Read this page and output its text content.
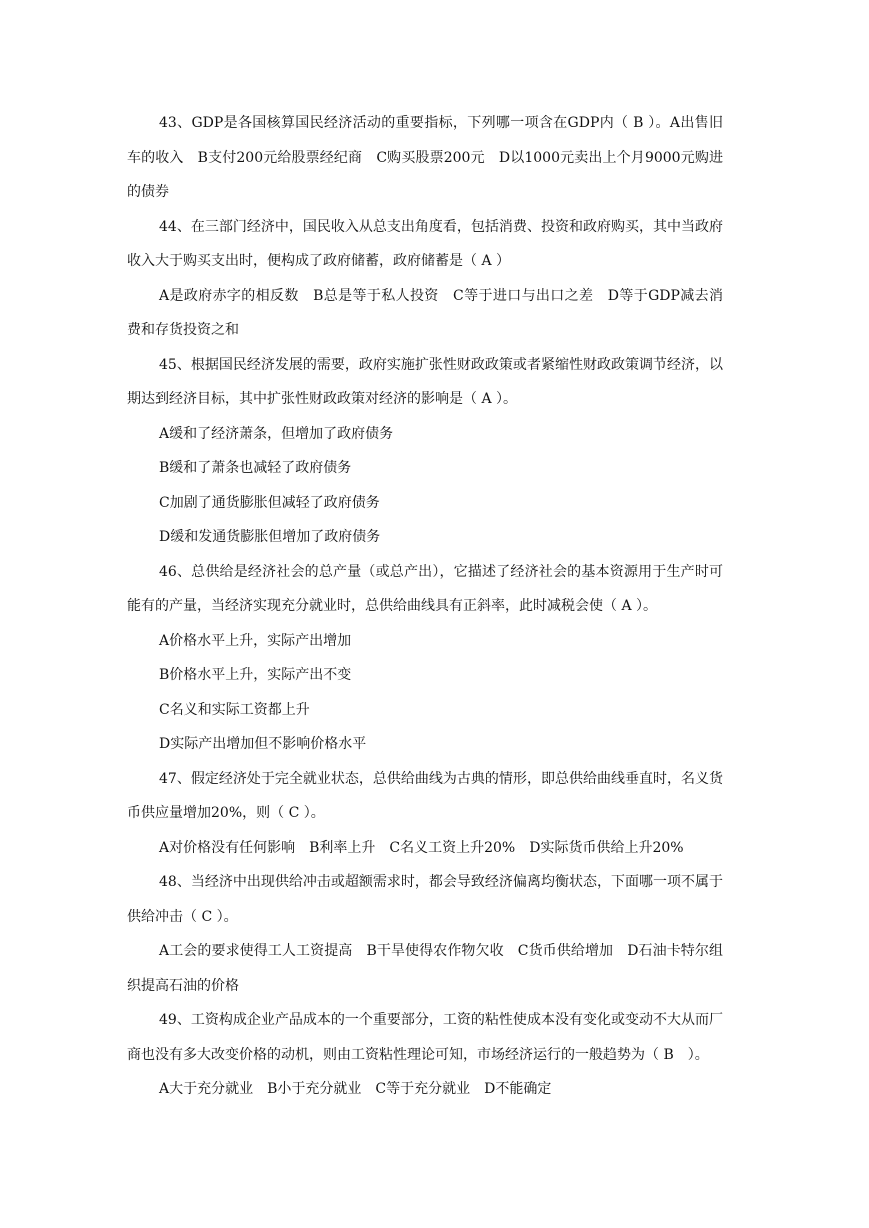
43、GDP是各国核算国民经济活动的重要指标，下列哪一项含在GDP内（ B ）。A出售旧车的收入　B支付200元给股票经纪商　C购买股票200元　D以1000元卖出上个月9000元购进的债券

44、在三部门经济中，国民收入从总支出角度看，包括消费、投资和政府购买，其中当政府收入大于购买支出时，便构成了政府储蓄，政府储蓄是（ A ）

A是政府赤字的相反数　B总是等于私人投资　C等于进口与出口之差　D等于GDP减去消费和存货投资之和

45、根据国民经济发展的需要，政府实施扩张性财政政策或者紧缩性财政政策调节经济，以期达到经济目标，其中扩张性财政政策对经济的影响是（ A ）。

A缓和了经济萧条，但增加了政府债务

B缓和了萧条也减轻了政府债务

C加剧了通货膨胀但减轻了政府债务

D缓和发通货膨胀但增加了政府债务

46、总供给是经济社会的总产量（或总产出），它描述了经济社会的基本资源用于生产时可能有的产量，当经济实现充分就业时，总供给曲线具有正斜率，此时减税会使（ A ）。

A价格水平上升，实际产出增加

B价格水平上升，实际产出不变

C名义和实际工资都上升

D实际产出增加但不影响价格水平

47、假定经济处于完全就业状态，总供给曲线为古典的情形，即总供给曲线垂直时，名义货币供应量增加20%，则（ C ）。

A对价格没有任何影响　B利率上升　C名义工资上升20%　D实际货币供给上升20%

48、当经济中出现供给冲击或超额需求时，都会导致经济偏离均衡状态，下面哪一项不属于供给冲击（ C ）。

A工会的要求使得工人工资提高　B干旱使得农作物欠收　C货币供给增加　D石油卡特尔组织提高石油的价格

49、工资构成企业产品成本的一个重要部分，工资的粘性使成本没有变化或变动不大从而厂商也没有多大改变价格的动机，则由工资粘性理论可知，市场经济运行的一般趋势为（ B　）。

A大于充分就业　B小于充分就业　C等于充分就业　D不能确定
